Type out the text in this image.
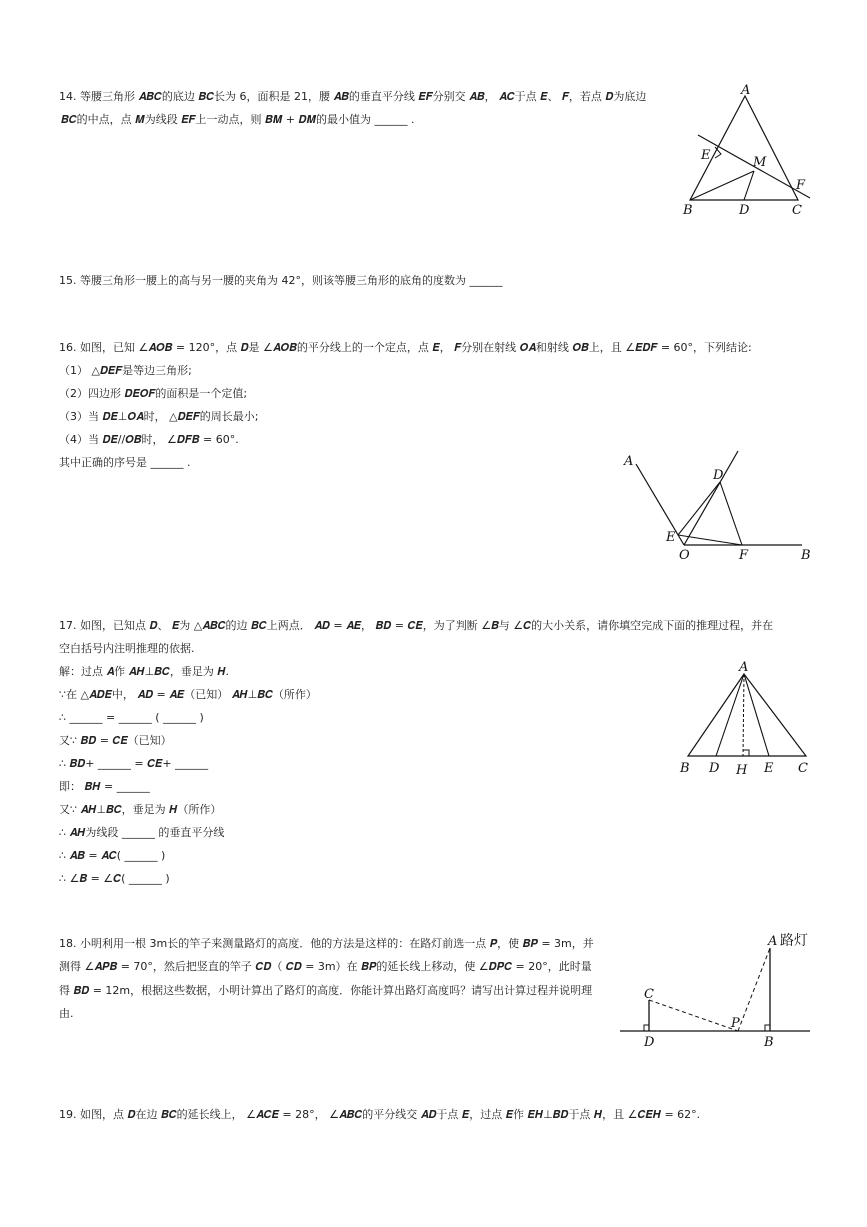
14. 等腰三角形 𝑨𝑩𝑪的底边 𝑩𝑪长为 6，面积是 21，腰 𝑨𝑩的垂直平分线 𝑬𝑭分别交 𝑨𝑩， 𝑨𝑪于点 𝑬、 𝑭，若点 𝑫为底边
𝑩𝑪的中点，点 𝑴为线段 𝑬𝑭上一动点，则 𝑩𝑴 + 𝑫𝑴的最小值为 ______ .
A
E	M
F
B	D	C
15. 等腰三角形一腰上的高与另一腰的夹角为 42°，则该等腰三角形的底角的度数为 ______
16. 如图，已知 ∠𝑨𝑶𝑩 = 120°，点 𝑫是 ∠𝑨𝑶𝑩的平分线上的一个定点，点 𝑬， 𝑭分别在射线 𝑶𝑨和射线 𝑶𝑩上，且 ∠𝑬𝑫𝑭 = 60°，下列结论:
（1） △𝑫𝑬𝑭是等边三角形;
（2）四边形 𝑫𝑬𝑶𝑭的面积是一个定值;
（3）当 𝑫𝑬⊥𝑶𝑨时， △𝑫𝑬𝑭的周长最小;
（4）当 𝑫𝑬//𝑶𝑩时， ∠𝑫𝑭𝑩 = 60°.
其中正确的序号是 ______ .	A
D
E
O	F	B
17. 如图，已知点 𝑫、 𝑬为 △𝑨𝑩𝑪的边 𝑩𝑪上两点． 𝑨𝑫 = 𝑨𝑬， 𝑩𝑫 = 𝑪𝑬，为了判断 ∠𝑩与 ∠𝑪的大小关系，请你填空完成下面的推理过程，并在
空白括号内注明推理的依据.
解：过点 𝑨作 𝑨𝑯⊥𝑩𝑪，垂足为 𝑯.
∵在 △𝑨𝑫𝑬中， 𝑨𝑫 = 𝑨𝑬（已知） 𝑨𝑯⊥𝑩𝑪（所作）
∴ ______ = ______ ( ______ )
又∵ 𝑩𝑫 = 𝑪𝑬（已知）
∴ 𝑩𝑫+ ______ = 𝑪𝑬+ ______
即： 𝑩𝑯 = ______
又∵ 𝑨𝑯⊥𝑩𝑪，垂足为 𝑯（所作）
∴ 𝑨𝑯为线段 ______ 的垂直平分线
∴ 𝑨𝑩 = 𝑨𝑪( ______ )
∴ ∠𝑩 = ∠𝑪( ______ )
A
B D H E C
18. 小明利用一根 3m长的竿子来测量路灯的高度．他的方法是这样的：在路灯前选一点 𝑷，使 𝑩𝑷 = 3m，并
测得 ∠𝑨𝑷𝑩 = 70°，然后把竖直的竿子 𝑪𝑫（ 𝑪𝑫 = 3m）在 𝑩𝑷的延长线上移动，使 ∠𝑫𝑷𝑪 = 20°，此时量
得 𝑩𝑫 = 12m，根据这些数据，小明计算出了路灯的高度．你能计算出路灯高度吗？请写出计算过程并说明理
由.
A 路灯
C
P
D	B
19. 如图，点 𝑫在边 𝑩𝑪的延长线上， ∠𝑨𝑪𝑬 = 28°， ∠𝑨𝑩𝑪的平分线交 𝑨𝑫于点 𝑬，过点 𝑬作 𝑬𝑯⊥𝑩𝑫于点 𝑯，且 ∠𝑪𝑬𝑯 = 62°.
